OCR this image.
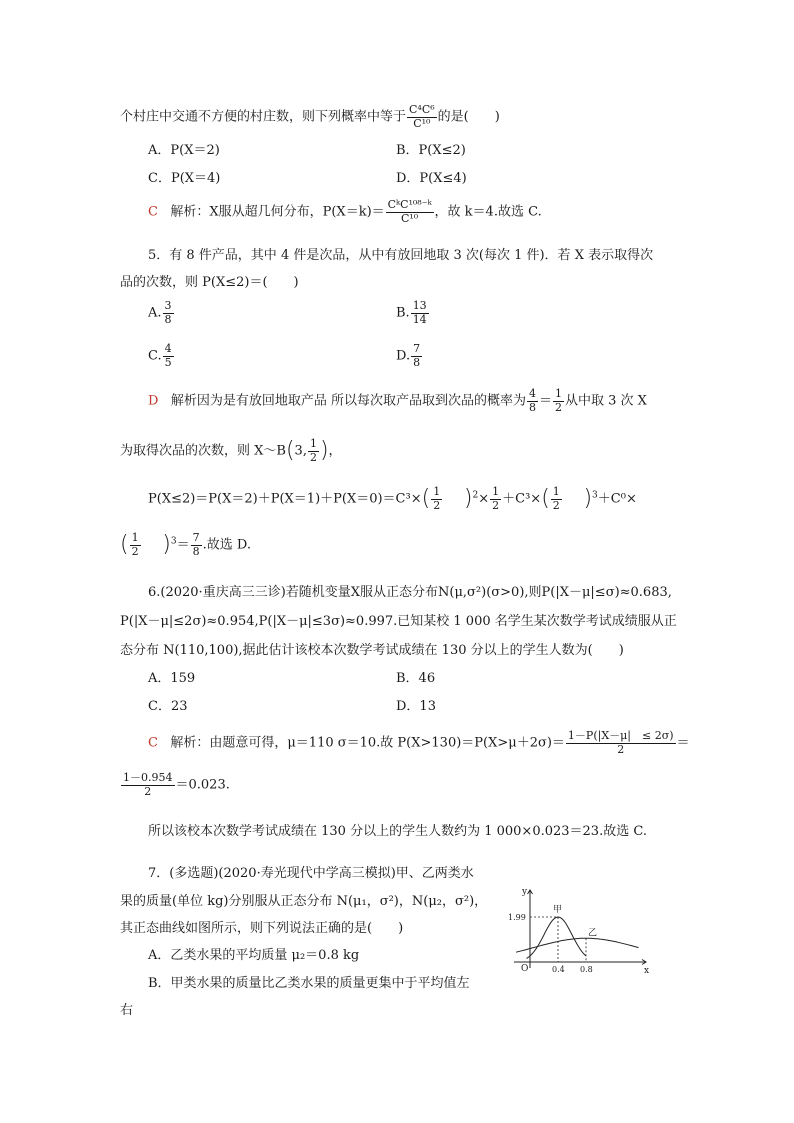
个村庄中交通不方便的村庄数，则下列概率中等于 $\frac{\text{C⁴C⁶}}{\text{C¹⁰}}$ 的是(　　)
A．P(X＝2)	B．P(X≤2)
C．P(X＝4)	D．P(X≤4)
C 解析：X服从超几何分布，$P(X=k)= \frac{\text{CᵏC¹⁰⁸⁻ᵏ}}{\text{C¹⁰}}$ ，故 k＝4.故选 C.
5．有 8 件产品，其中 4 件是次品，从中有放回地取 3 次(每次 1 件)．若 X 表示取得次
品的次数，则 P(X≤2)＝(　　)
A. $\frac{3}{8}$	B. $\frac{13}{14}$
C. $\frac{4}{5}$	D. $\frac{7}{8}$
D 解析因为是有放回地取产品 所以每次取产品取到次品的概率为 $\frac{4}{8} = \frac{1}{2}$ 从中取 3 次 X
为取得次品的次数，则 X～B(3, $\frac{1}{2}$ )，
$P(X\le 2)=P(X=2)+P(X=1)+P(X=0)=C^3\times( \frac{1}{2} )^2\times \frac{1}{2} +C^3\times( \frac{1}{2} )^3+C^0\times$
( $\frac{1}{2} )^3= \frac{7}{8}$ .故选 D.
6.(2020·重庆高三三诊)若随机变量X服从正态分布N(μ,σ²)(σ>0),则P(|X－μ|≤σ)≈0.683,
P(|X－μ|≤2σ)≈0.954,P(|X－μ|≤3σ)≈0.997.已知某校 1 000 名学生某次数学考试成绩服从正
态分布 N(110,100),据此估计该校本次数学考试成绩在 130 分以上的学生人数为(　　)
A．159	B．46
C．23	D．13
C 解析：由题意可得，μ＝110 σ＝10.故 $P(X>130)=P(X>\mu+2\sigma)= \frac{1-P(|X-\mu| \le 2\sigma)}{2}$ ＝
$\frac{1-0.954}{2} =0.023$.
所以该校本次数学考试成绩在 130 分以上的学生人数约为 1 000×0.023＝23.故选 C.
7．(多选题)(2020·寿光现代中学高三模拟)甲、乙两类水
果的质量(单位 kg)分别服从正态分布 N(μ₁，σ²)，N(μ₂，σ²)，
其正态曲线如图所示，则下列说法正确的是(　　)
A．乙类水果的平均质量 μ₂＝0.8 kg
B．甲类水果的质量比乙类水果的质量更集中于平均值左
右
y
x
O
1.99
0.4 0.8
甲
乙
